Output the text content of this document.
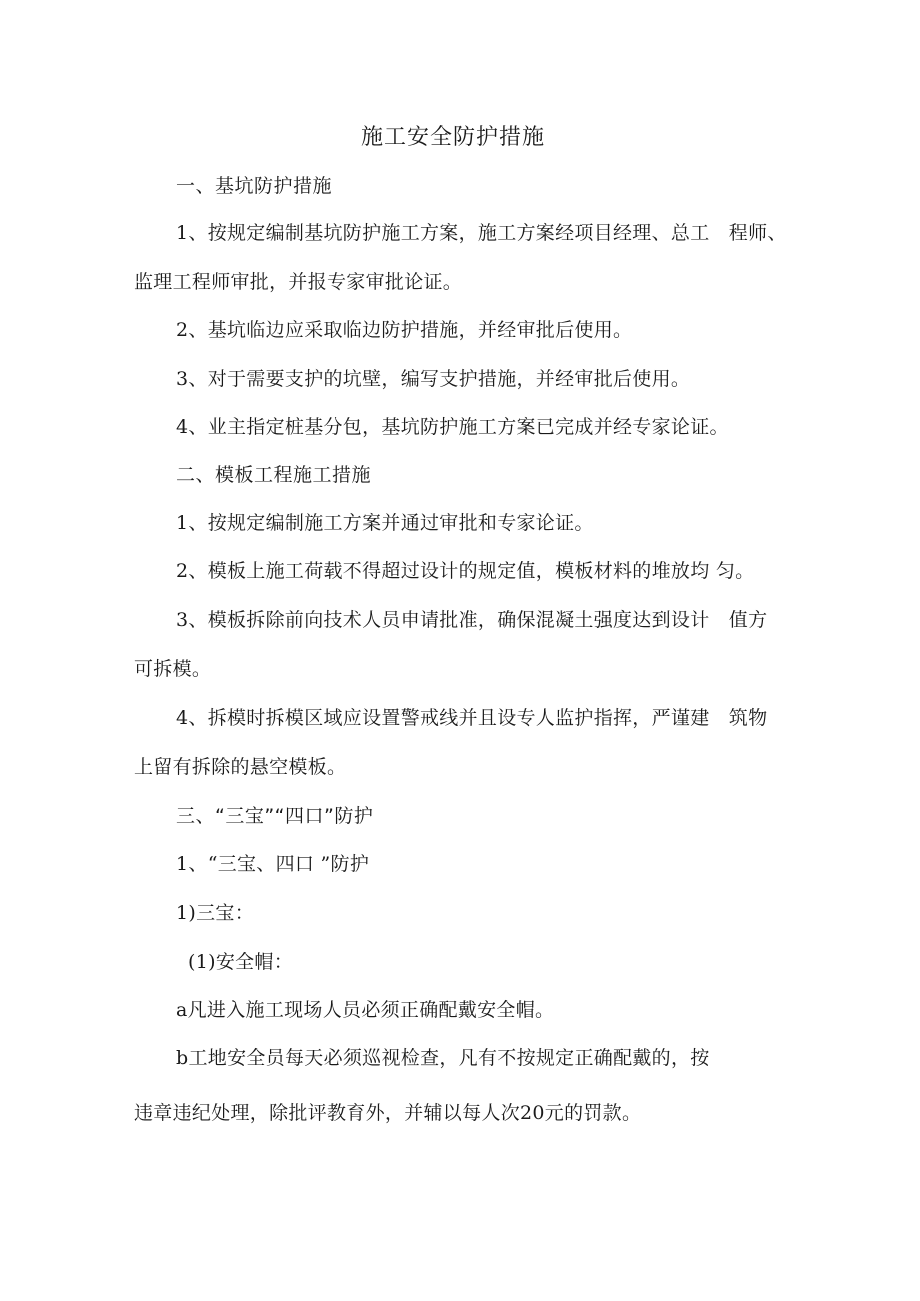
施工安全防护措施
一、基坑防护措施
1、按规定编制基坑防护施工方案，施工方案经项目经理、总工　程师、
监理工程师审批，并报专家审批论证。
2、基坑临边应采取临边防护措施，并经审批后使用。
3、对于需要支护的坑壁，编写支护措施，并经审批后使用。
4、业主指定桩基分包，基坑防护施工方案已完成并经专家论证。
二、模板工程施工措施
1、按规定编制施工方案并通过审批和专家论证。
2、模板上施工荷载不得超过设计的规定值，模板材料的堆放均 匀。
3、模板拆除前向技术人员申请批准，确保混凝土强度达到设计　值方
可拆模。
4、拆模时拆模区域应设置警戒线并且设专人监护指挥，严谨建　筑物
上留有拆除的悬空模板。
三、“三宝”“四口”防护
1、“三宝、四口 ”防护
1)三宝：
(1)安全帽：
a凡进入施工现场人员必须正确配戴安全帽。
b工地安全员每天必须巡视检查，凡有不按规定正确配戴的，按
违章违纪处理，除批评教育外，并辅以每人次20元的罚款。
